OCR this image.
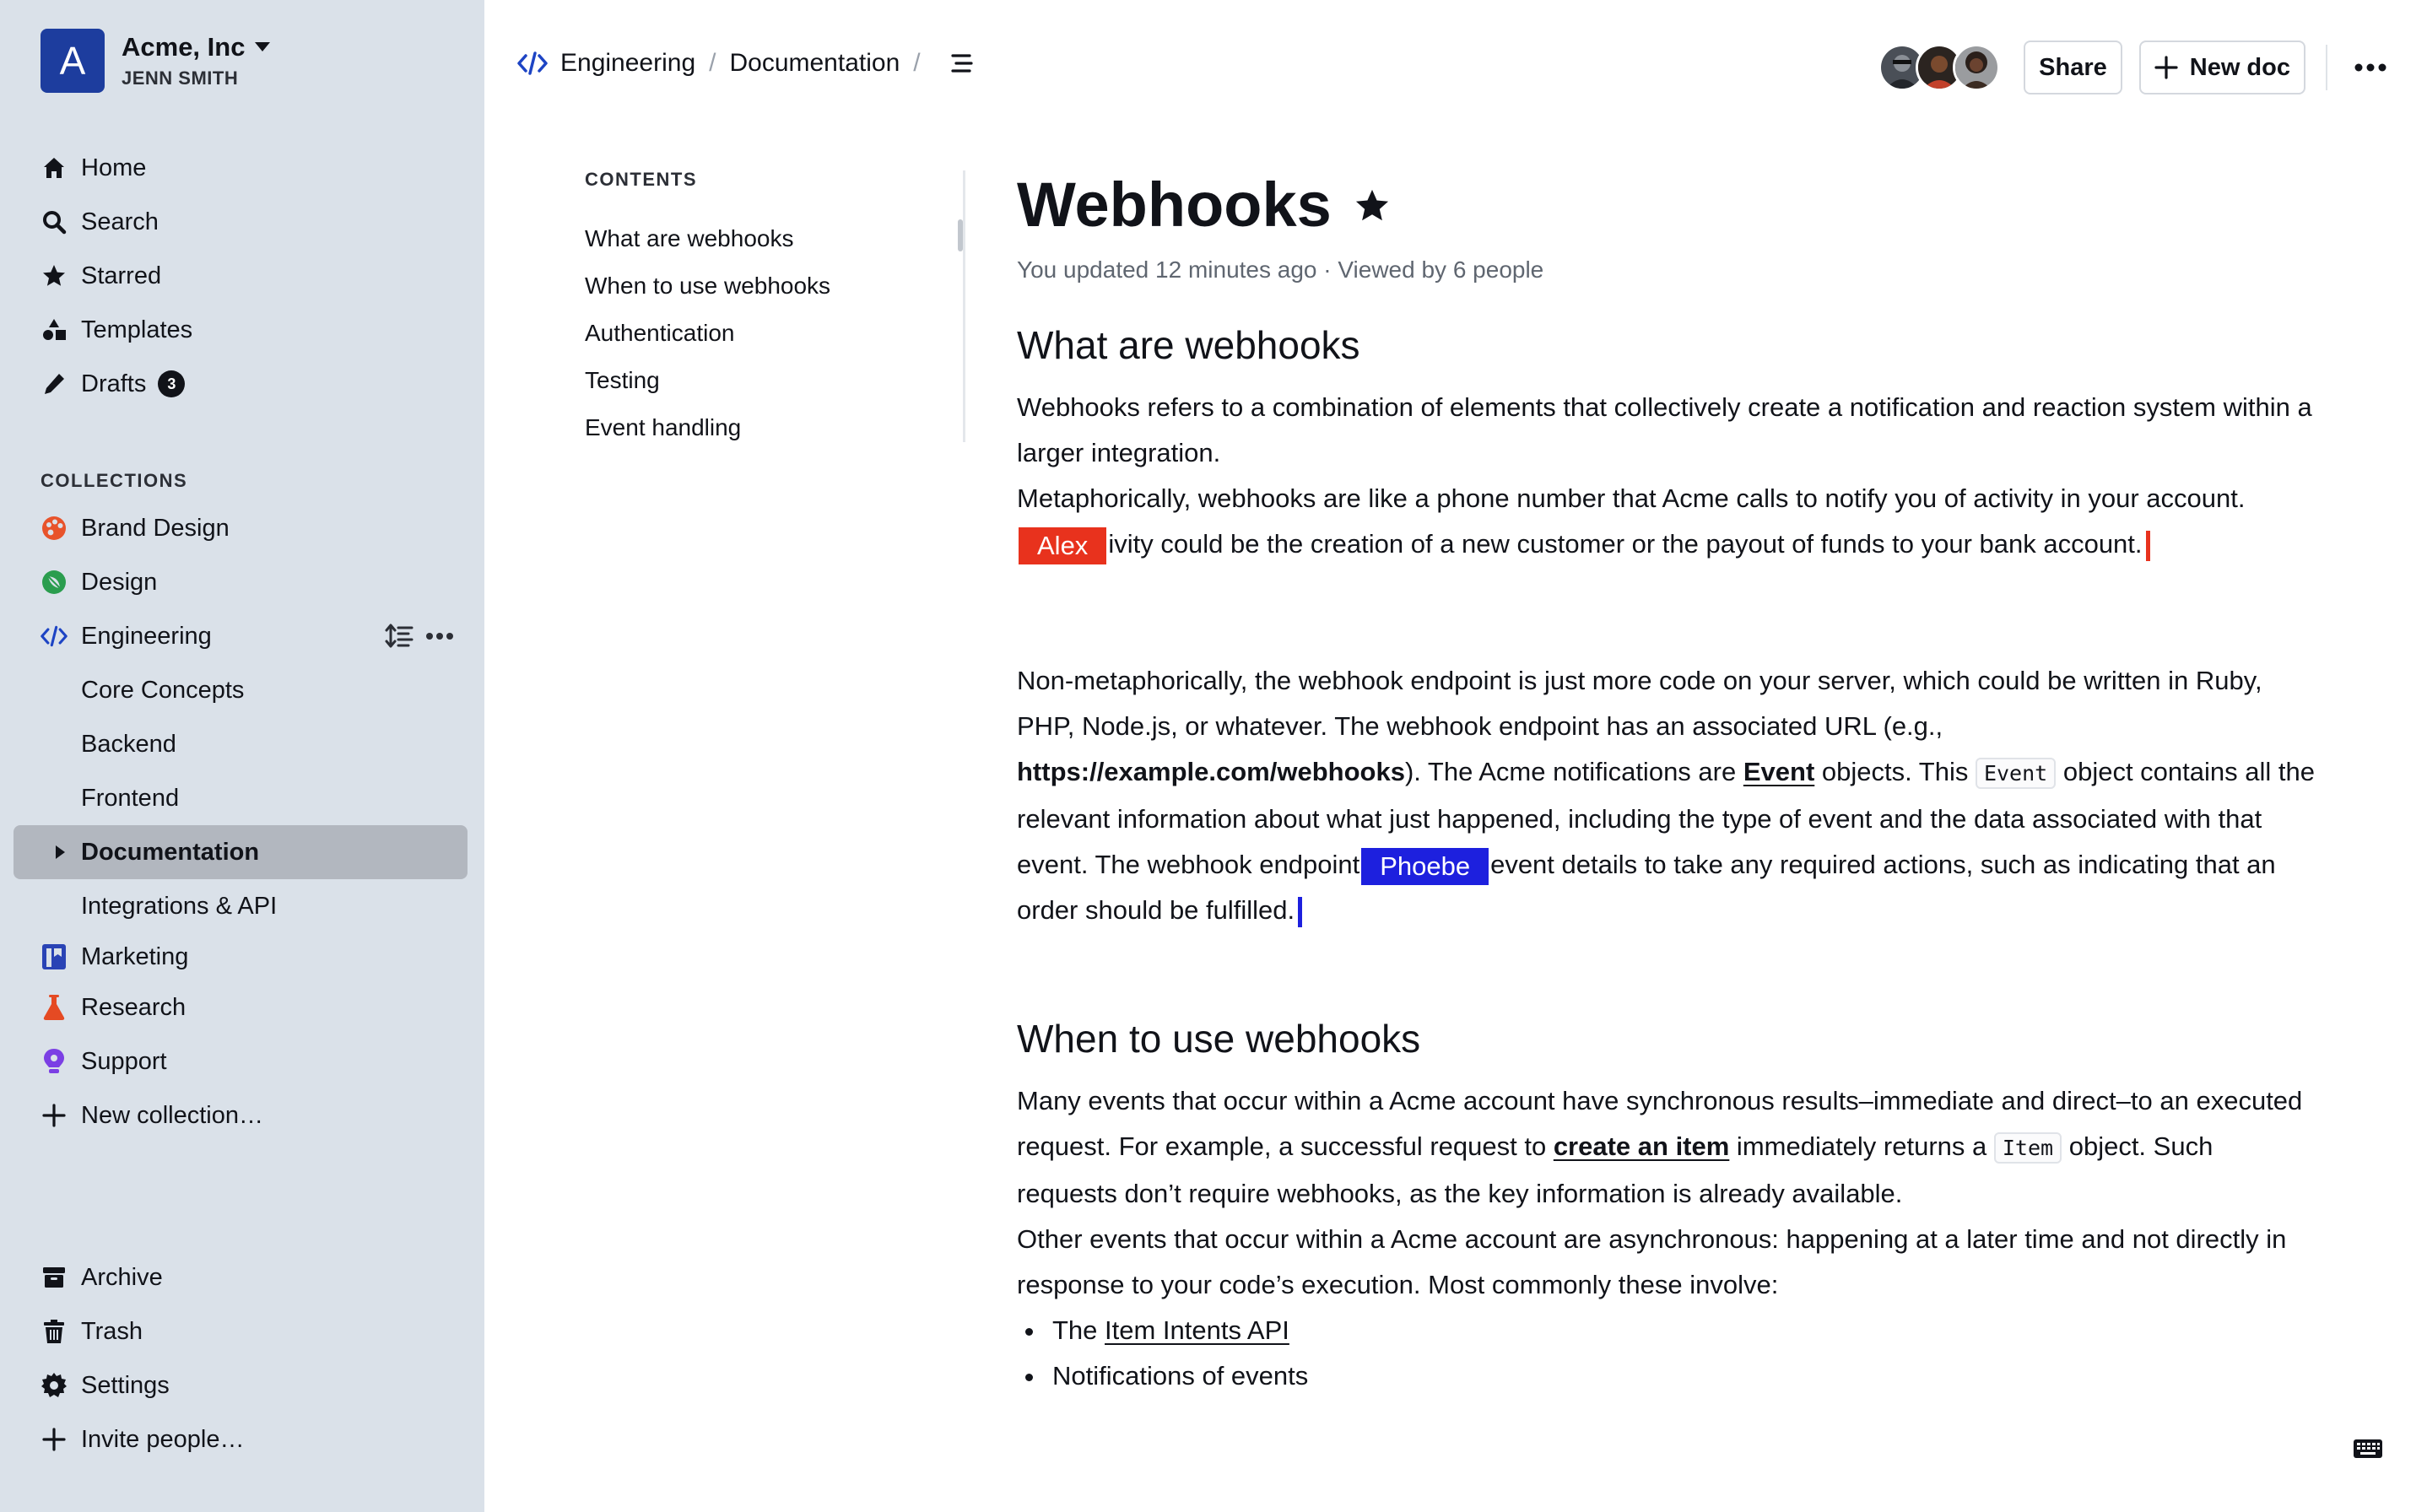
A	Acme, Inc
JENN SMITH
Home
Search
Starred
Templates
Drafts	3
COLLECTIONS
Brand Design
Design
Engineering
Core Concepts
Backend
Frontend
Documentation
Integrations & API
Marketing
Research
Support
New collection…
Archive
Trash
Settings
Invite people…
Engineering / Documentation /	Share	New doc
CONTENTS
What are webhooks
When to use webhooks
Authentication
Testing
Event handling
Webhooks
You updated 12 minutes ago · Viewed by 6 people
What are webhooks

Webhooks refers to a combination of elements that collectively create a notification and reaction system within a larger integration.

Metaphorically, webhooks are like a phone number that Acme calls to notify you of activity in your account.Alex ivity could be the creation of a new customer or the payout of funds to your bank account.

Non-metaphorically, the webhook endpoint is just more code on your server, which could be written in Ruby, PHP, Node.js, or whatever. The webhook endpoint has an associated URL (e.g., https://example.com/webhooks). The Acme notifications are Event objects. This Event object contains all the relevant information about what just happened, including the type of event and the data associated with that event. The webhook endpoint Phoebe event details to take any required actions, such as indicating that an order should be fulfilled.

When to use webhooks

Many events that occur within a Acme account have synchronous results–immediate and direct–to an executed request. For example, a successful request to create an item immediately returns a Item object. Such requests don’t require webhooks, as the key information is already available.

Other events that occur within a Acme account are asynchronous: happening at a later time and not directly in response to your code’s execution. Most commonly these involve:

The Item Intents API
Notifications of events
